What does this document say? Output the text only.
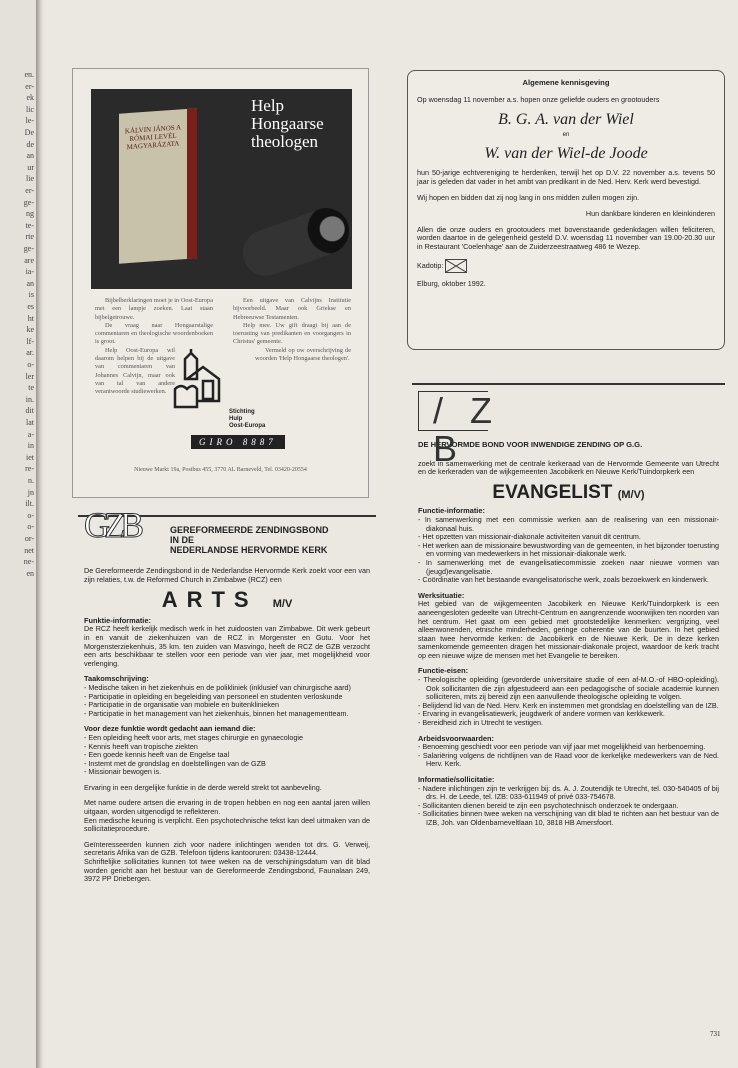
en.
er-
ek
lic
le-
De
de
an
ur
lie
er-
ge-
ng
te-
rte
ge-
are
ia-
an
is
es
ht
ke
lf-
ar.
o-
ler
te
in.
dit
lat
a-
in
iet
re-
n.
jn
ilt.
o-
o-
or-
net
ne-
en
KÁLVIN JÁNOS A RÓMAI LEVÉL MAGYARÁZATA
Help Hongaarse theologen

Bijbelberklaringen moet je in Oost-Europa met een lampje zoeken. Laat staan bijbelgetrouwe.

De vraag naar Hongaarstalige commentaren en theologische woordenboeken is groot.

Help Oost-Europa wil daarom helpen bij de uitgave van commentaren van Johannes Calvijn, maar ook van tal van andere verantwoorde studiewerken.

Een uitgave van Calvijns Institutie bijvoorbeeld. Maar ook Griekse en Hebreeuwse Testamenten.

Help mee. Uw gift draagt bij aan de toerusting van predikanten en voorgangers in Christus' gemeente.

Vermeld op uw overschrijving de woorden 'Help Hongaarse theologen'.

Stichting
Hulp
Oost-Europa
GIRO 8887
Nieuwe Markt 19a, Postbus 455, 3770 AL Barneveld, Tel. 03420-20554
GZB	GEREFORMEERDE ZENDINGSBOND
IN DE
NEDERLANDSE HERVORMDE KERK

De Gereformeerde Zendingsbond in de Nederlandse Hervormde Kerk zoekt voor een van zijn relaties, t.w. de Reformed Church in Zimbabwe (RCZ) een

ARTS M/V
Funktie-informatie:

De RCZ heeft kerkelijk medisch werk in het zuidoosten van Zimbabwe. Dit werk gebeurt in en vanuit de ziekenhuizen van de RCZ in Morgenster en Gutu. Voor het Morgensterziekenhuis, 35 km. ten zuiden van Masvingo, heeft de RCZ de GZB verzocht een arts beschikbaar te stellen voor een periode van vier jaar, met mogelijkheid voor verlenging.

Taakomschrijving:
- Medische taken in het ziekenhuis en de polikliniek (inklusief van chirurgische aard)
- Participatie in opleiding en begeleiding van personeel en studenten verloskunde
- Participatie in de organisatie van mobiele en buitenklinieken
- Participatie in het management van het ziekenhuis, binnen het managementteam.
Voor deze funktie wordt gedacht aan iemand die:
- Een opleiding heeft voor arts, met stages chirurgie en gynaecologie
- Kennis heeft van tropische ziekten
- Een goede kennis heeft van de Engelse taal
- Instemt met de grondslag en doelstellingen van de GZB
- Missionair bewogen is.

Ervaring in een dergelijke funktie in de derde wereld strekt tot aanbeveling.

Met name oudere artsen die ervaring in de tropen hebben en nog een aantal jaren willen uitgaan, worden uitgenodigd te reflekteren.

Een medische keuring is verplicht. Een psychotechnische tekst kan deel uitmaken van de sollicitatieprocedure.

Geïnteresseerden kunnen zich voor nadere inlichtingen wenden tot drs. G. Verweij, secretaris Afrika van de GZB. Telefoon tijdens kantooruren: 03438-12444.

Schriftelijke sollicitaties kunnen tot twee weken na de verschijningsdatum van dit blad worden gericht aan het bestuur van de Gereformeerde Zendingsbond, Faunalaan 249, 3972 PP Driebergen.

Algemene kennisgeving

Op woensdag 11 november a.s. hopen onze geliefde ouders en grootouders

B. G. A. van der Wiel
en
W. van der Wiel-de Joode

hun 50-jarige echtvereniging te herdenken, terwijl het op D.V. 22 november a.s. tevens 50 jaar is geleden dat vader in het ambt van predikant in de Ned. Herv. Kerk werd bevestigd.

Wij hopen en bidden dat zij nog lang in ons midden zullen mogen zijn.

Hun dankbare kinderen en kleinkinderen

Allen die onze ouders en grootouders met bovenstaande gedenkdagen willen feliciteren, worden daartoe in de gelegenheid gesteld D.V. woensdag 11 november van 19.00-20.30 uur in Restaurant 'Coelenhage' aan de Zuiderzeestraatweg 486 te Wezep.

Kadotip:

Elburg, oktober 1992.

/ Z B
DE HERVORMDE BOND VOOR INWENDIGE ZENDING OP G.G.

zoekt in samenwerking met de centrale kerkeraad van de Hervormde Gemeente van Utrecht en de kerkeraden van de wijkgemeenten Jacobikerk en Nieuwe Kerk/Tuindorpkerk een

EVANGELIST (M/V)
Functie-informatie:
- In samenwerking met een commissie werken aan de realisering van een missionair-diakonaal huis.
- Het opzetten van missionair-diakonale activiteiten vanuit dit centrum.
- Het werken aan de missionaire bewustwording van de gemeenten, in het bijzonder toerusting en vorming van medewerkers in het missionair-diakonale werk.
- In samenwerking met de evangelisatiecommissie zoeken naar nieuwe vormen van (jeugd)evangelisatie.
- Coördinatie van het bestaande evangelisatorische werk, zoals bezoekwerk en kinderwerk.
Werksituatie:

Het gebied van de wijkgemeenten Jacobikerk en Nieuwe Kerk/Tuindorpkerk is een aaneengesloten gedeelte van Utrecht-Centrum en aangrenzende woonwijken ten noorden van het centrum. Het gaat om een gebied met grootstedelijke kenmerken: vergrijzing, veel alleenwonenden, etnische minderheden, geringe coherentie van de buurten. In het gebied staan twee hervormde kerken: de Jacobikerk en de Nieuwe Kerk. De in deze kerken samenkomende gemeenten dragen het missionair-diakonale project, waardoor de kerk tracht op een nieuwe wijze de mensen met het Evangelie te bereiken.

Functie-eisen:
- Theologische opleiding (gevorderde universitaire studie of een af-M.O.-of HBO-opleiding). Ook sollicitanten die zijn afgestudeerd aan een pedagogische of sociale academie kunnen solliciteren, mits zij bereid zijn een aanvullende theologische opleiding te volgen.
- Belijdend lid van de Ned. Herv. Kerk en instemmen met grondslag en doelstelling van de IZB.
- Ervaring in evangelisatiewerk, jeugdwerk of andere vormen van kerkkewerk.
- Bereidheid zich in Utrecht te vestigen.
Arbeidsvoorwaarden:
- Benoeming geschiedt voor een periode van vijf jaar met mogelijkheid van herbenoeming.
- Salariëring volgens de richtlijnen van de Raad voor de kerkelijke medewerkers van de Ned. Herv. Kerk.
Informatie/sollicitatie:
- Nadere inlichtingen zijn te verkrijgen bij: ds. A. J. Zoutendijk te Utrecht, tel. 030-540405 of bij drs. H. de Leede, tel. IZB: 033-611949 of privé 033-754678.
- Sollicitanten dienen bereid te zijn een psychotechnisch onderzoek te ondergaan.
- Sollicitaties binnen twee weken na verschijning van dit blad te richten aan het bestuur van de IZB, Joh. van Oldenbarneveltlaan 10, 3818 HB Amersfoort.
731
